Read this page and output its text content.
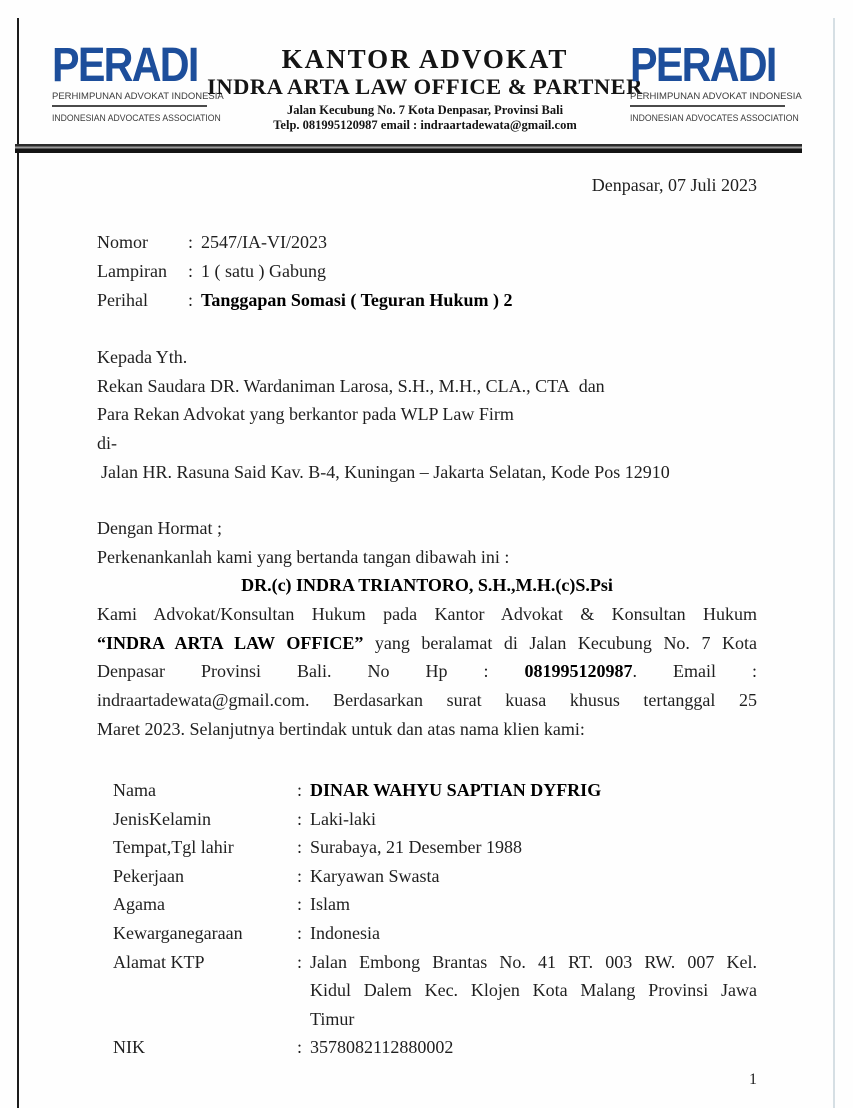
PERADI
PERHIMPUNAN ADVOKAT INDONESIA
INDONESIAN ADVOCATES ASSOCIATION
KANTOR ADVOKAT
INDRA ARTA LAW OFFICE & PARTNER
Jalan Kecubung No. 7 Kota Denpasar, Provinsi Bali
Telp. 081995120987 email : indraartadewata@gmail.com
PERADI
PERHIMPUNAN ADVOKAT INDONESIA
INDONESIAN ADVOCATES ASSOCIATION
Denpasar, 07 Juli 2023
Nomor	: 2547/IA-VI/2023
Lampiran	: 1 ( satu ) Gabung
Perihal	: Tanggapan Somasi ( Teguran Hukum ) 2
Kepada Yth.
Rekan Saudara DR. Wardaniman Larosa, S.H., M.H., CLA., CTA  dan
Para Rekan Advokat yang berkantor pada WLP Law Firm
di-
Jalan HR. Rasuna Said Kav. B-4, Kuningan – Jakarta Selatan, Kode Pos 12910
Dengan Hormat ;
Perkenankanlah kami yang bertanda tangan dibawah ini :
DR.(c) INDRA TRIANTORO, S.H.,M.H.(c)S.Psi
Kami Advokat/Konsultan Hukum pada Kantor Advokat & Konsultan Hukum
“INDRA ARTA LAW OFFICE” yang beralamat di Jalan Kecubung No. 7 Kota
Denpasar Provinsi Bali. No Hp : 081995120987. Email :
indraartadewata@gmail.com. Berdasarkan surat kuasa khusus tertanggal 25
Maret 2023. Selanjutnya bertindak untuk dan atas nama klien kami:
Nama	: DINAR WAHYU SAPTIAN DYFRIG
JenisKelamin	: Laki-laki
Tempat,Tgl lahir	: Surabaya, 21 Desember 1988
Pekerjaan	: Karyawan Swasta
Agama	: Islam
Kewarganegaraan	: Indonesia
Alamat KTP	: Jalan Embong Brantas No. 41 RT. 003 RW. 007 Kel.
Kidul Dalem Kec. Klojen Kota Malang Provinsi Jawa
Timur
NIK	: 3578082112880002
1
